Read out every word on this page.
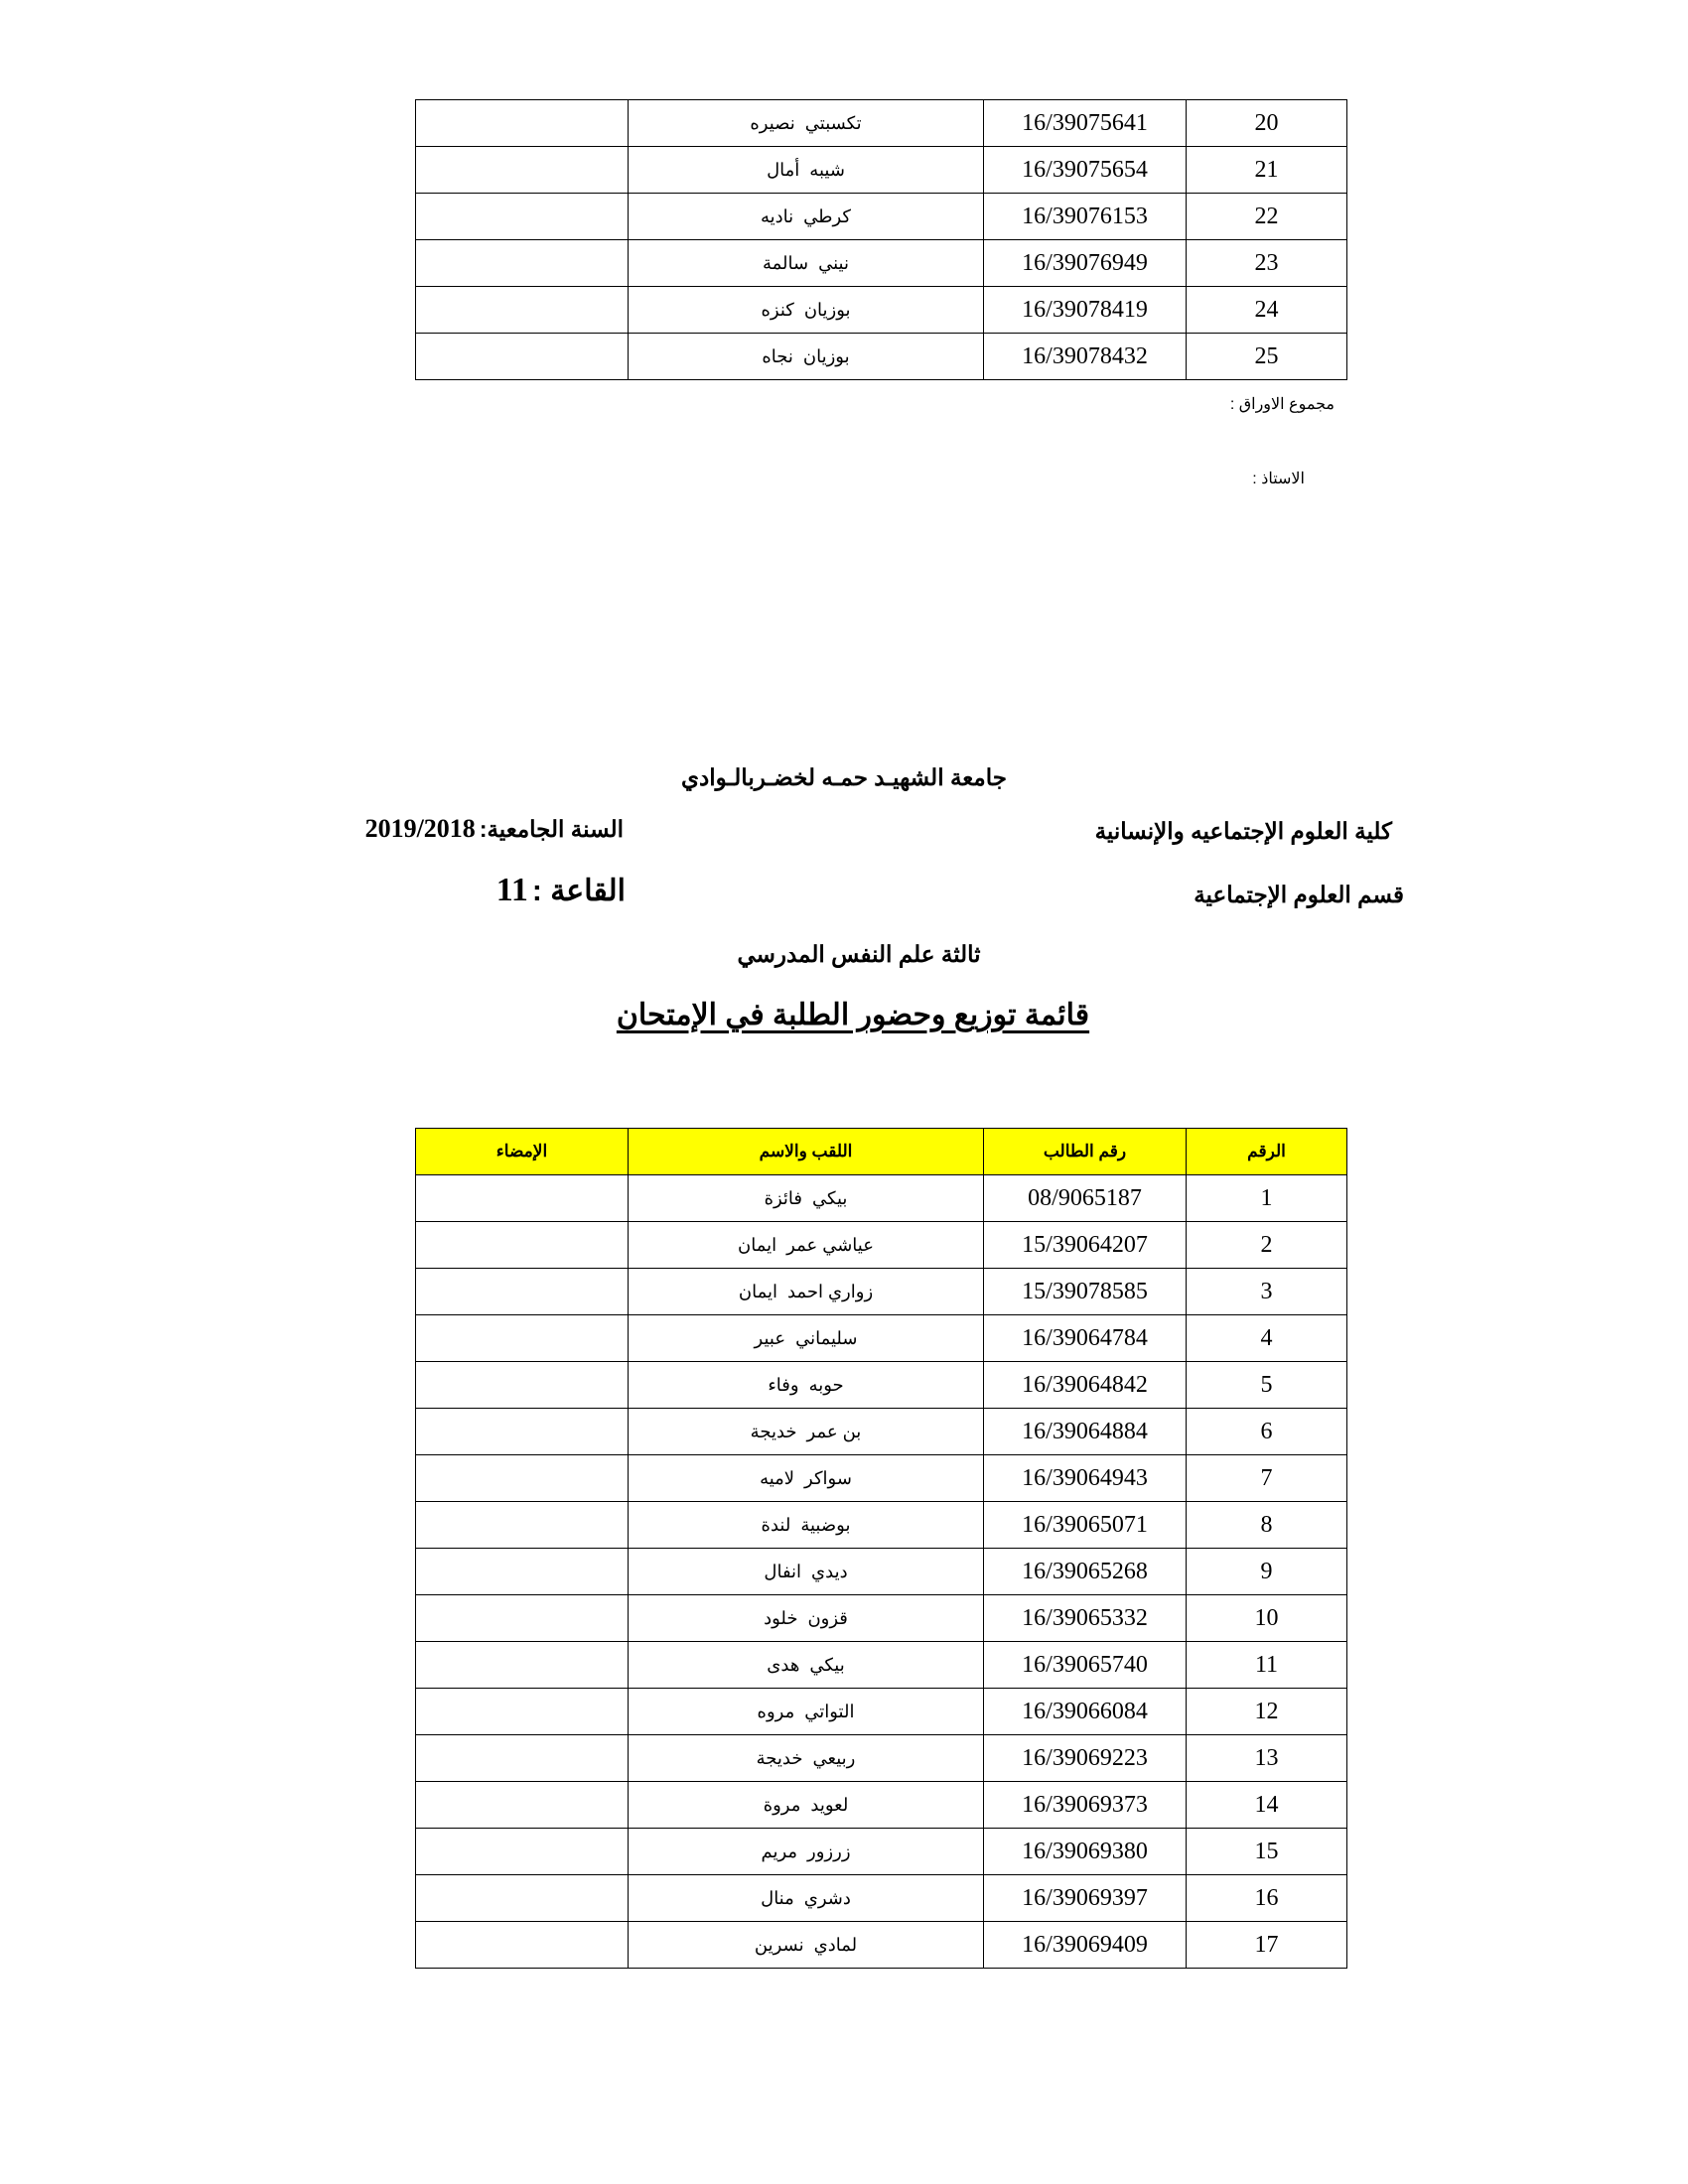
20	16/39075641	تكسبتي  نصيره	
21	16/39075654	شيبه  أمال	
22	16/39076153	كرطي  ناديه	
23	16/39076949	نيني  سالمة	
24	16/39078419	بوزيان  كنزه	
25	16/39078432	بوزيان  نجاه	
مجموع الاوراق :
الاستاذ :
جامعة الشهيـد حمـه لخضـربالـوادي
كلية العلوم الإجتماعيه والإنسانية
السنة الجامعية: 2019/2018
قسم العلوم الإجتماعية
القاعة : 11
ثالثة علم النفس المدرسي
قائمة توزيع وحضور الطلبة في الإمتحان
الرقم	رقم الطالب	اللقب والاسم	الإمضاء
1	08/9065187	بيكي  فائزة	
2	15/39064207	عياشي عمر  ايمان	
3	15/39078585	زواري احمد  ايمان	
4	16/39064784	سليماني  عبير	
5	16/39064842	حوبه  وفاء	
6	16/39064884	بن عمر  خديجة	
7	16/39064943	سواكر  لاميه	
8	16/39065071	بوضبية  لندة	
9	16/39065268	ديدي  انفال	
10	16/39065332	قزون  خلود	
11	16/39065740	بيكي  هدى	
12	16/39066084	التواتي  مروه	
13	16/39069223	ربيعي  خديجة	
14	16/39069373	لعويد  مروة	
15	16/39069380	زرزور  مريم	
16	16/39069397	دشري  منال	
17	16/39069409	لمادي  نسرين	
